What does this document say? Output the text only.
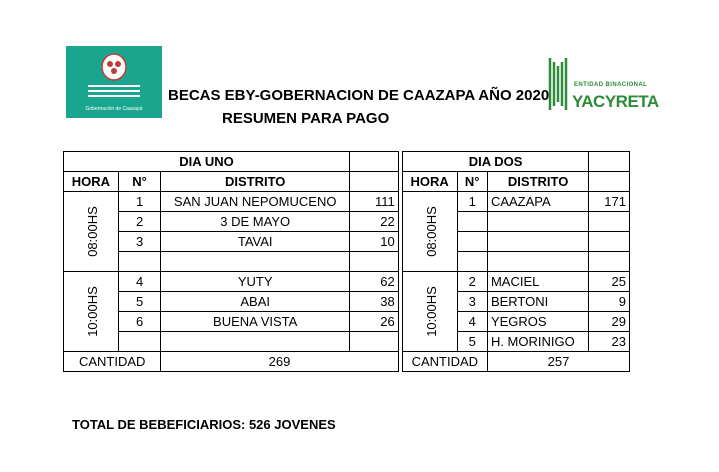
Gobernación de Caazapá
BECAS EBY-GOBERNACION DE CAAZAPA AÑO 2020
RESUMEN PARA PAGO
ENTIDAD BINACIONAL
YACYRETA
DIA UNO					DIA DOS			
HORA	N°	DISTRITO			HORA	N°	DISTRITO	
08:00HS	1	SAN JUAN NEPOMUCENO	111		08:00HS	1	CAAZAPA	171
	2	3 DE MAYO	22					
	3	TAVAI	10					

10:00HS	4	YUTY	62		10:00HS	2	MACIEL	25
	5	ABAI	38			3	BERTONI	9
	6	BUENA VISTA	26			4	YEGROS	29
						5	H. MORINIGO	23
CANTIDAD		269			CANTIDAD		257	
TOTAL DE BEBEFICIARIOS: 526 JOVENES
